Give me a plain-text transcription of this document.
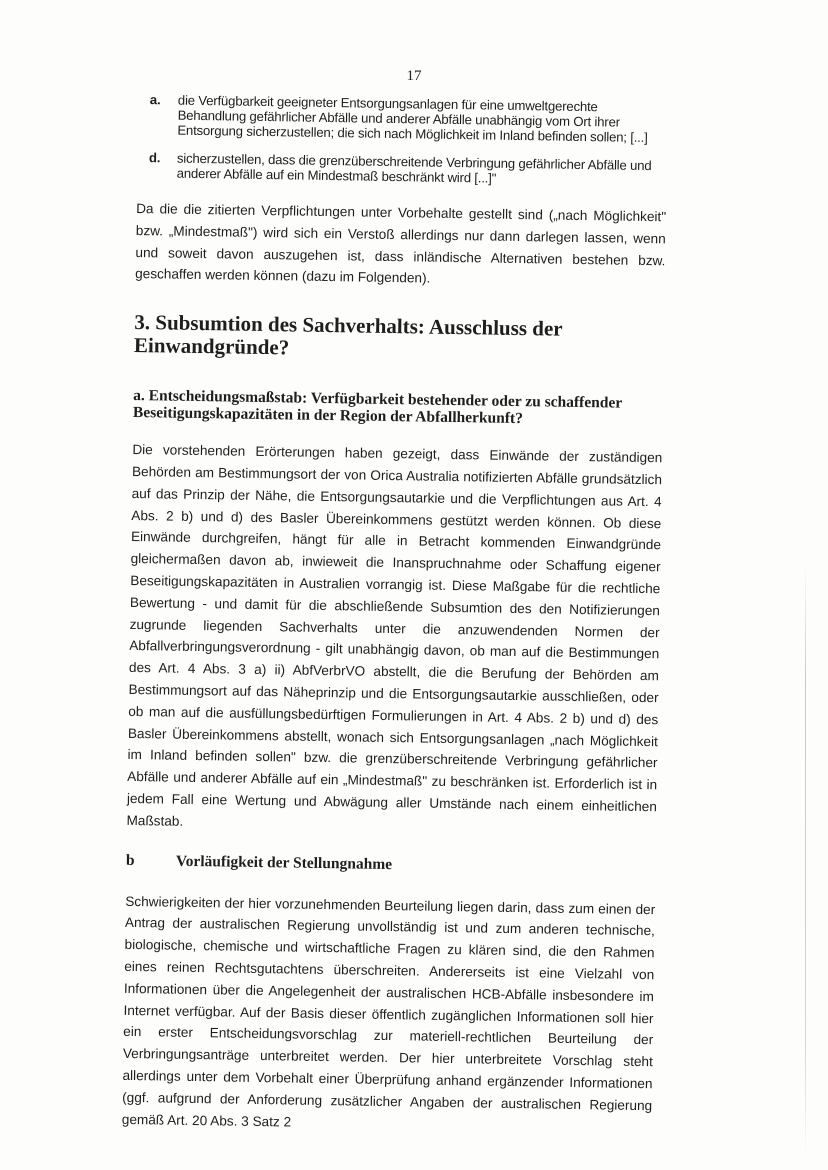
17
a. die Verfügbarkeit geeigneter Entsorgungsanlagen für eine umweltgerechte Behandlung gefährlicher Abfälle und anderer Abfälle unabhängig vom Ort ihrer Entsorgung sicherzustellen; die sich nach Möglichkeit im Inland befinden sollen; [...]
d. sicherzustellen, dass die grenzüberschreitende Verbringung gefährlicher Abfälle und anderer Abfälle auf ein Mindestmaß beschränkt wird [...]"

Da die die zitierten Verpflichtungen unter Vorbehalte gestellt sind („nach Möglichkeit" bzw. „Mindestmaß") wird sich ein Verstoß allerdings nur dann darlegen lassen, wenn und soweit davon auszugehen ist, dass inländische Alternativen bestehen bzw. geschaffen werden können (dazu im Folgenden).

3. Subsumtion des Sachverhalts: Ausschluss der Einwandgründe?
a. Entscheidungsmaßstab: Verfügbarkeit bestehender oder zu schaffender Beseitigungskapazitäten in der Region der Abfallherkunft?

Die vorstehenden Erörterungen haben gezeigt, dass Einwände der zuständigen Behörden am Bestimmungsort der von Orica Australia notifizierten Abfälle grundsätzlich auf das Prinzip der Nähe, die Entsorgungsautarkie und die Verpflichtungen aus Art. 4 Abs. 2 b) und d) des Basler Übereinkommens gestützt werden können. Ob diese Einwände durchgreifen, hängt für alle in Betracht kommenden Einwandgründe gleichermaßen davon ab, inwieweit die Inanspruchnahme oder Schaffung eigener Beseitigungskapazitäten in Australien vorrangig ist. Diese Maßgabe für die rechtliche Bewertung - und damit für die abschließende Subsumtion des den Notifizierungen zugrunde liegenden Sachverhalts unter die anzuwendenden Normen der Abfallverbringungsverordnung - gilt unabhängig davon, ob man auf die Bestimmungen des Art. 4 Abs. 3 a) ii) AbfVerbrVO abstellt, die die Berufung der Behörden am Bestimmungsort auf das Näheprinzip und die Entsorgungsautarkie ausschließen, oder ob man auf die ausfüllungsbedürftigen Formulierungen in Art. 4 Abs. 2 b) und d) des Basler Übereinkommens abstellt, wonach sich Entsorgungsanlagen „nach Möglichkeit im Inland befinden sollen" bzw. die grenzüberschreitende Verbringung gefährlicher Abfälle und anderer Abfälle auf ein „Mindestmaß" zu beschränken ist. Erforderlich ist in jedem Fall eine Wertung und Abwägung aller Umstände nach einem einheitlichen Maßstab.

b	Vorläufigkeit der Stellungnahme

Schwierigkeiten der hier vorzunehmenden Beurteilung liegen darin, dass zum einen der Antrag der australischen Regierung unvollständig ist und zum anderen technische, biologische, chemische und wirtschaftliche Fragen zu klären sind, die den Rahmen eines reinen Rechtsgutachtens überschreiten. Andererseits ist eine Vielzahl von Informationen über die Angelegenheit der australischen HCB-Abfälle insbesondere im Internet verfügbar. Auf der Basis dieser öffentlich zugänglichen Informationen soll hier ein erster Entscheidungsvorschlag zur materiell-rechtlichen Beurteilung der Verbringungsanträge unterbreitet werden. Der hier unterbreitete Vorschlag steht allerdings unter dem Vorbehalt einer Überprüfung anhand ergänzender Informationen (ggf. aufgrund der Anforderung zusätzlicher Angaben der australischen Regierung gemäß Art. 20 Abs. 3 Satz 2
